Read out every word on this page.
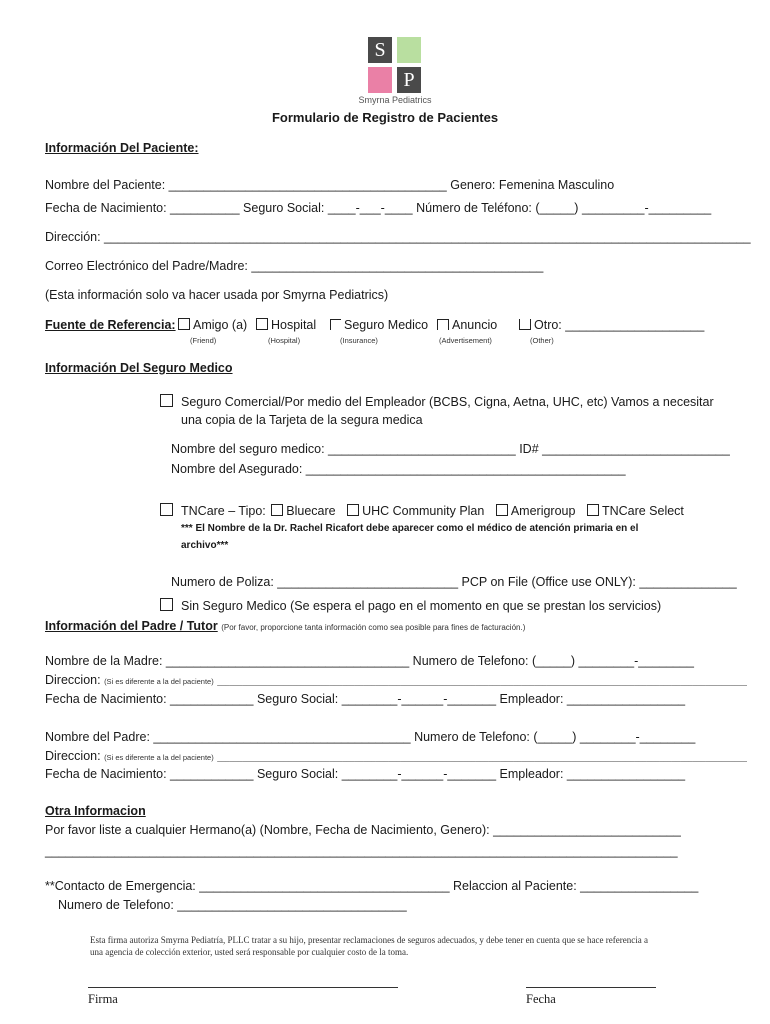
S
P
Smyrna Pediatrics
Formulario de Registro de Pacientes
Información Del Paciente:
Nombre del Paciente: ________________________________________ Genero: Femenina Masculino
Fecha de Nacimiento: __________ Seguro Social: ____-___-____ Número de Teléfono: (_____) _________-_________
Dirección: _____________________________________________________________________________________________
Correo Electrónico del Padre/Madre: __________________________________________
(Esta información solo va hacer usada por Smyrna Pediatrics)
Fuente de Referencia:	Amigo (a)
(Friend)
Hospital
(Hospital)
Seguro Medico
(Insurance)
Anuncio
(Advertisement)
Otro: ____________________
(Other)
Información Del Seguro Medico
Seguro Comercial/Por medio del Empleador (BCBS, Cigna, Aetna, UHC, etc) Vamos a necesitar
una copia de la Tarjeta de la segura medica
Nombre del seguro medico: ___________________________ ID# ___________________________
Nombre del Asegurado: ______________________________________________
TNCare – Tipo: Bluecare UHC Community Plan Amerigroup TNCare Select
*** El Nombre de la Dr. Rachel Ricafort debe aparecer como el médico de atención primaria en el
archivo***
Numero de Poliza: __________________________ PCP on File (Office use ONLY): ______________
Sin Seguro Medico (Se espera el pago en el momento en que se prestan los servicios)
Información del Padre / Tutor (Por favor, proporcione tanta información como sea posible para fines de facturación.)
Nombre de la Madre: ___________________________________ Numero de Telefono: (_____) ________-________
Direccion: (Si es diferente a la del paciente) _______________________________________________________________________________________________________________________________
Fecha de Nacimiento: ____________ Seguro Social: ________-______-_______ Empleador: _________________
Nombre del Padre: _____________________________________ Numero de Telefono: (_____) ________-________
Direccion: (Si es diferente a la del paciente) _______________________________________________________________________________________________________________________________
Fecha de Nacimiento: ____________ Seguro Social: ________-______-_______ Empleador: _________________
Otra Informacion
Por favor liste a cualquier Hermano(a) (Nombre, Fecha de Nacimiento, Genero): ___________________________
___________________________________________________________________________________________
**Contacto de Emergencia: ____________________________________ Relaccion al Paciente: _________________
Numero de Telefono: _________________________________
Esta firma autoriza Smyrna Pediatría, PLLC tratar a su hijo, presentar reclamaciones de seguros adecuados, y debe tener en cuenta que se hace referencia a
una agencia de colección exterior, usted será responsable por cualquier costo de la toma.
Firma	Fecha
